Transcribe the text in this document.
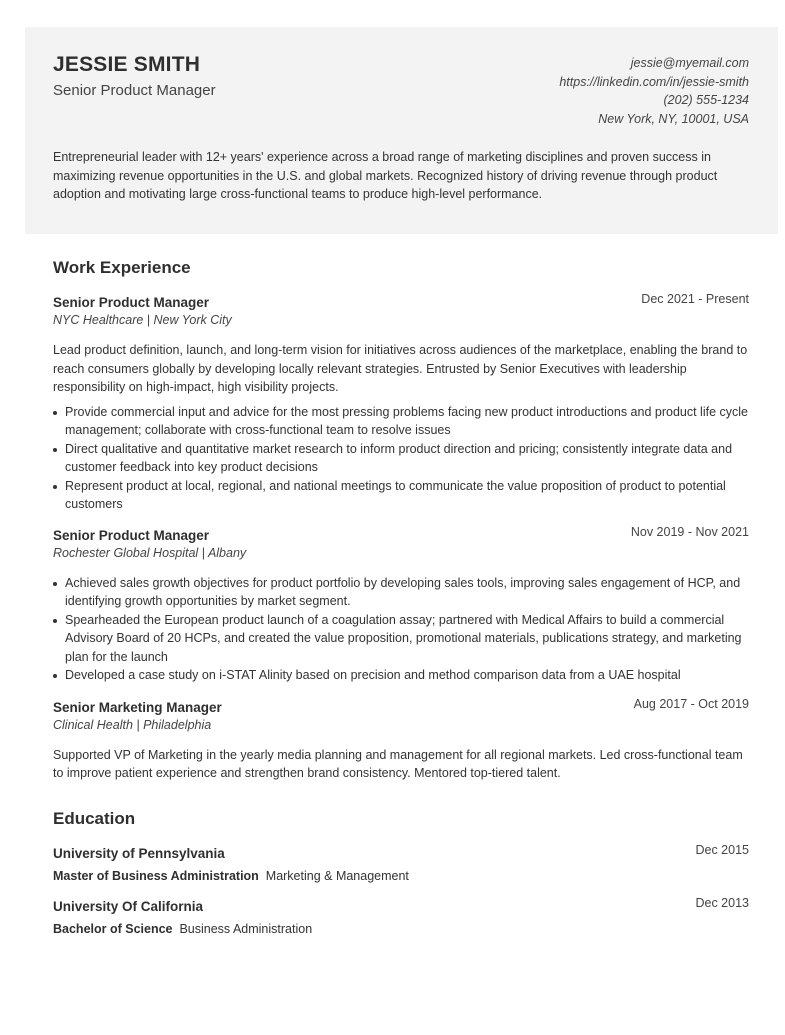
JESSIE SMITH
Senior Product Manager
jessie@myemail.com
https://linkedin.com/in/jessie-smith
(202) 555-1234
New York, NY, 10001, USA
Entrepreneurial leader with 12+ years' experience across a broad range of marketing disciplines and proven success in maximizing revenue opportunities in the U.S. and global markets. Recognized history of driving revenue through product adoption and motivating large cross-functional teams to produce high-level performance.
Work Experience
Senior Product Manager
NYC Healthcare | New York City
Dec 2021 - Present
Lead product definition, launch, and long-term vision for initiatives across audiences of the marketplace, enabling the brand to reach consumers globally by developing locally relevant strategies. Entrusted by Senior Executives with leadership responsibility on high-impact, high visibility projects.
Provide commercial input and advice for the most pressing problems facing new product introductions and product life cycle management; collaborate with cross-functional team to resolve issues
Direct qualitative and quantitative market research to inform product direction and pricing; consistently integrate data and customer feedback into key product decisions
Represent product at local, regional, and national meetings to communicate the value proposition of product to potential customers
Senior Product Manager
Rochester Global Hospital | Albany
Nov 2019 - Nov 2021
Achieved sales growth objectives for product portfolio by developing sales tools, improving sales engagement of HCP, and identifying growth opportunities by market segment.
Spearheaded the European product launch of a coagulation assay; partnered with Medical Affairs to build a commercial Advisory Board of 20 HCPs, and created the value proposition, promotional materials, publications strategy, and marketing plan for the launch
Developed a case study on i-STAT Alinity based on precision and method comparison data from a UAE hospital
Senior Marketing Manager
Clinical Health | Philadelphia
Aug 2017 - Oct 2019
Supported VP of Marketing in the yearly media planning and management for all regional markets. Led cross-functional team to improve patient experience and strengthen brand consistency. Mentored top-tiered talent.
Education
University of Pennsylvania	Dec 2015
Master of Business Administration Marketing & Management
University Of California	Dec 2013
Bachelor of Science Business Administration
